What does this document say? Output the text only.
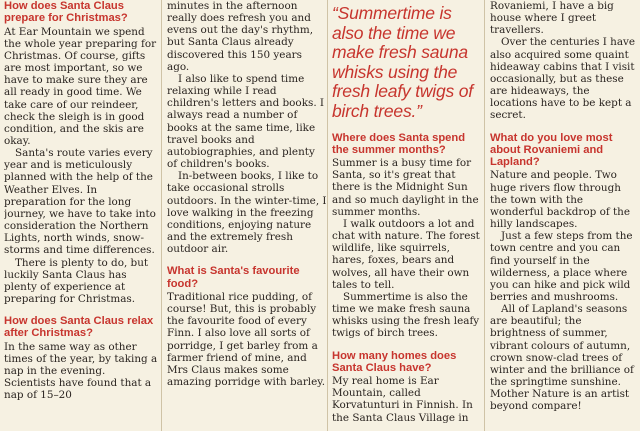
How does Santa Claus prepare for Christmas?

At Ear Mountain we spend the whole year preparing for Christmas. Of course, gifts are most important, so we have to make sure they are all ready in good time. We take care of our reindeer, check the sleigh is in good condition, and the skis are okay.

Santa's route varies every year and is meticulously planned with the help of the Weather Elves. In preparation for the long journey, we have to take into consideration the Northern Lights, north winds, snow-storms and time differences.

There is plenty to do, but luckily Santa Claus has plenty of experience at preparing for Christmas.

How does Santa Claus relax after Christmas?

In the same way as other times of the year, by taking a nap in the evening. Scientists have found that a nap of 15–20

minutes in the afternoon really does refresh you and evens out the day's rhythm, but Santa Claus already discovered this 150 years ago.

I also like to spend time relaxing while I read children's letters and books. I always read a number of books at the same time, like travel books and autobiographies, and plenty of children's books.

In-between books, I like to take occasional strolls outdoors. In the winter-time, I love walking in the freezing conditions, enjoying nature and the extremely fresh outdoor air.

What is Santa's favourite food?

Traditional rice pudding, of course! But, this is probably the favourite food of every Finn. I also love all sorts of porridge, I get barley from a farmer friend of mine, and Mrs Claus makes some amazing porridge with barley.

“Summertime is also the time we make fresh sauna whisks using the fresh leafy twigs of birch trees.”
Where does Santa spend the summer months?

Summer is a busy time for Santa, so it's great that there is the Midnight Sun and so much daylight in the summer months.

I walk outdoors a lot and chat with nature. The forest wildlife, like squirrels, hares, foxes, bears and wolves, all have their own tales to tell.

Summertime is also the time we make fresh sauna whisks using the fresh leafy twigs of birch trees.

How many homes does Santa Claus have?

My real home is Ear Mountain, called Korvatunturi in Finnish. In the Santa Claus Village in

Rovaniemi, I have a big house where I greet travellers.

Over the centuries I have also acquired some quaint hideaway cabins that I visit occasionally, but as these are hideaways, the locations have to be kept a secret.

What do you love most about Rovaniemi and Lapland?

Nature and people. Two huge rivers flow through the town with the wonderful backdrop of the hilly landscapes.

Just a few steps from the town centre and you can find yourself in the wilderness, a place where you can hike and pick wild berries and mushrooms.

All of Lapland's seasons are beautiful; the brightness of summer, vibrant colours of autumn, crown snow-clad trees of winter and the brilliance of the springtime sunshine. Mother Nature is an artist beyond compare!
